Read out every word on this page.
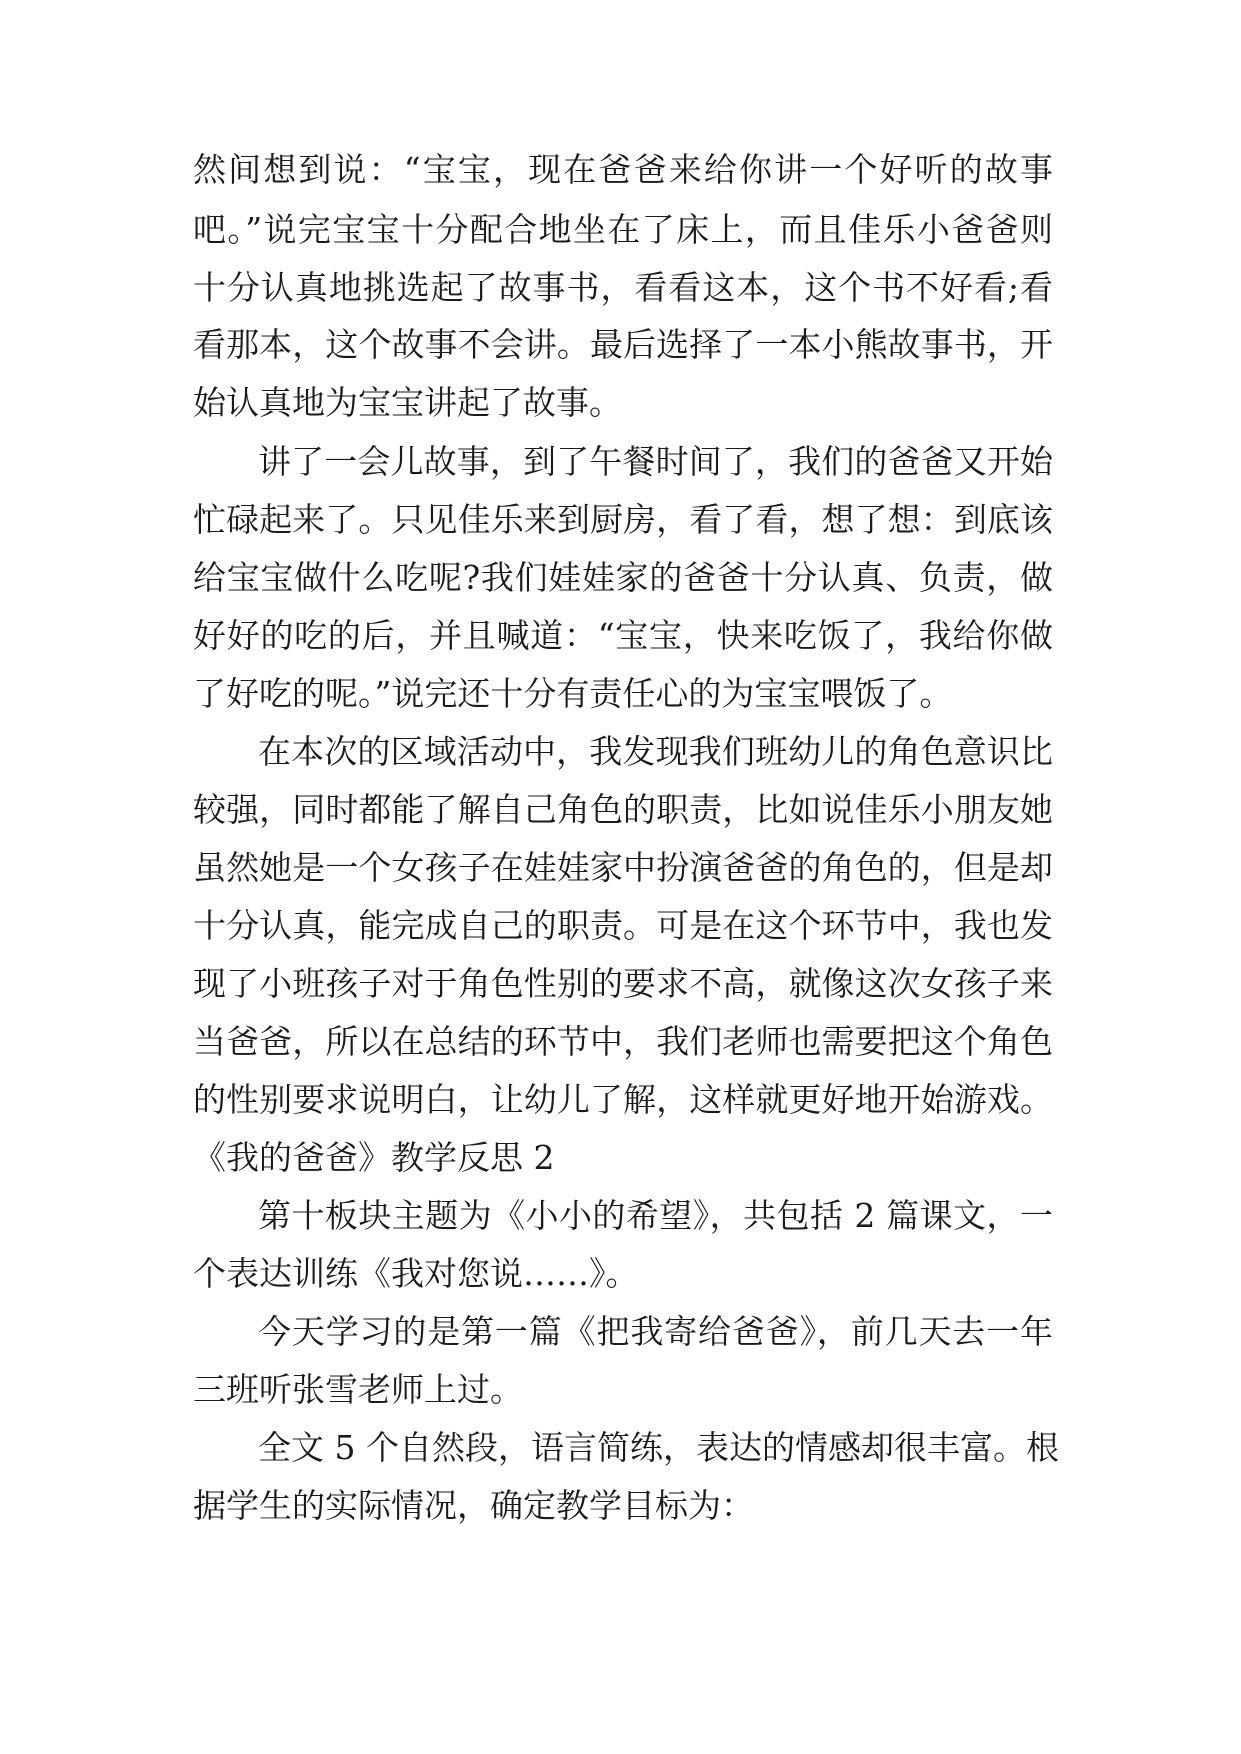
然间想到说：“宝宝，现在爸爸来给你讲一个好听的故事
吧。”说完宝宝十分配合地坐在了床上，而且佳乐小爸爸则
十分认真地挑选起了故事书，看看这本，这个书不好看;看
看那本，这个故事不会讲。最后选择了一本小熊故事书，开
始认真地为宝宝讲起了故事。
讲了一会儿故事，到了午餐时间了，我们的爸爸又开始
忙碌起来了。只见佳乐来到厨房，看了看，想了想：到底该
给宝宝做什么吃呢?我们娃娃家的爸爸十分认真、负责，做
好好的吃的后，并且喊道：“宝宝，快来吃饭了，我给你做
了好吃的呢。”说完还十分有责任心的为宝宝喂饭了。
在本次的区域活动中，我发现我们班幼儿的角色意识比
较强，同时都能了解自己角色的职责，比如说佳乐小朋友她
虽然她是一个女孩子在娃娃家中扮演爸爸的角色的，但是却
十分认真，能完成自己的职责。可是在这个环节中，我也发
现了小班孩子对于角色性别的要求不高，就像这次女孩子来
当爸爸，所以在总结的环节中，我们老师也需要把这个角色
的性别要求说明白，让幼儿了解，这样就更好地开始游戏。
《我的爸爸》教学反思 2
第十板块主题为《小小的希望》，共包括 2 篇课文，一
个表达训练《我对您说……》。
今天学习的是第一篇《把我寄给爸爸》，前几天去一年
三班听张雪老师上过。
全文 5 个自然段，语言简练，表达的情感却很丰富。根
据学生的实际情况，确定教学目标为：
